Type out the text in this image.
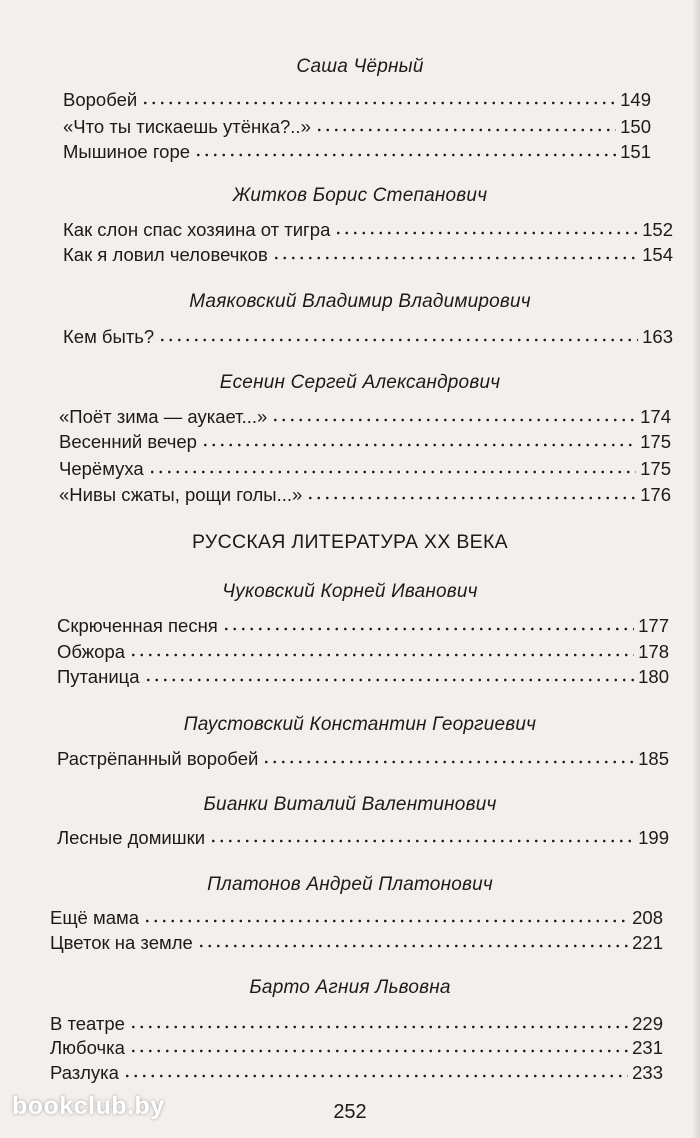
Саша Чёрный
Воробей	149
«Что ты тискаешь утёнка?..»	150
Мышиное горе	151
Житков Борис Степанович
Как слон спас хозяина от тигра	152
Как я ловил человечков	154
Маяковский Владимир Владимирович
Кем быть?	163
Есенин Сергей Александрович
«Поёт зима — аукает...»	174
Весенний вечер	175
Черёмуха	175
«Нивы сжаты, рощи голы...»	176
РУССКАЯ ЛИТЕРАТУРА XX ВЕКА
Чуковский Корней Иванович
Скрюченная песня	177
Обжора	178
Путаница	180
Паустовский Константин Георгиевич
Растрёпанный воробей	185
Бианки Виталий Валентинович
Лесные домишки	199
Платонов Андрей Платонович
Ещё мама	208
Цветок на земле	221
Барто Агния Львовна
В театре	229
Любочка	231
Разлука	233
252
bookclub.by
